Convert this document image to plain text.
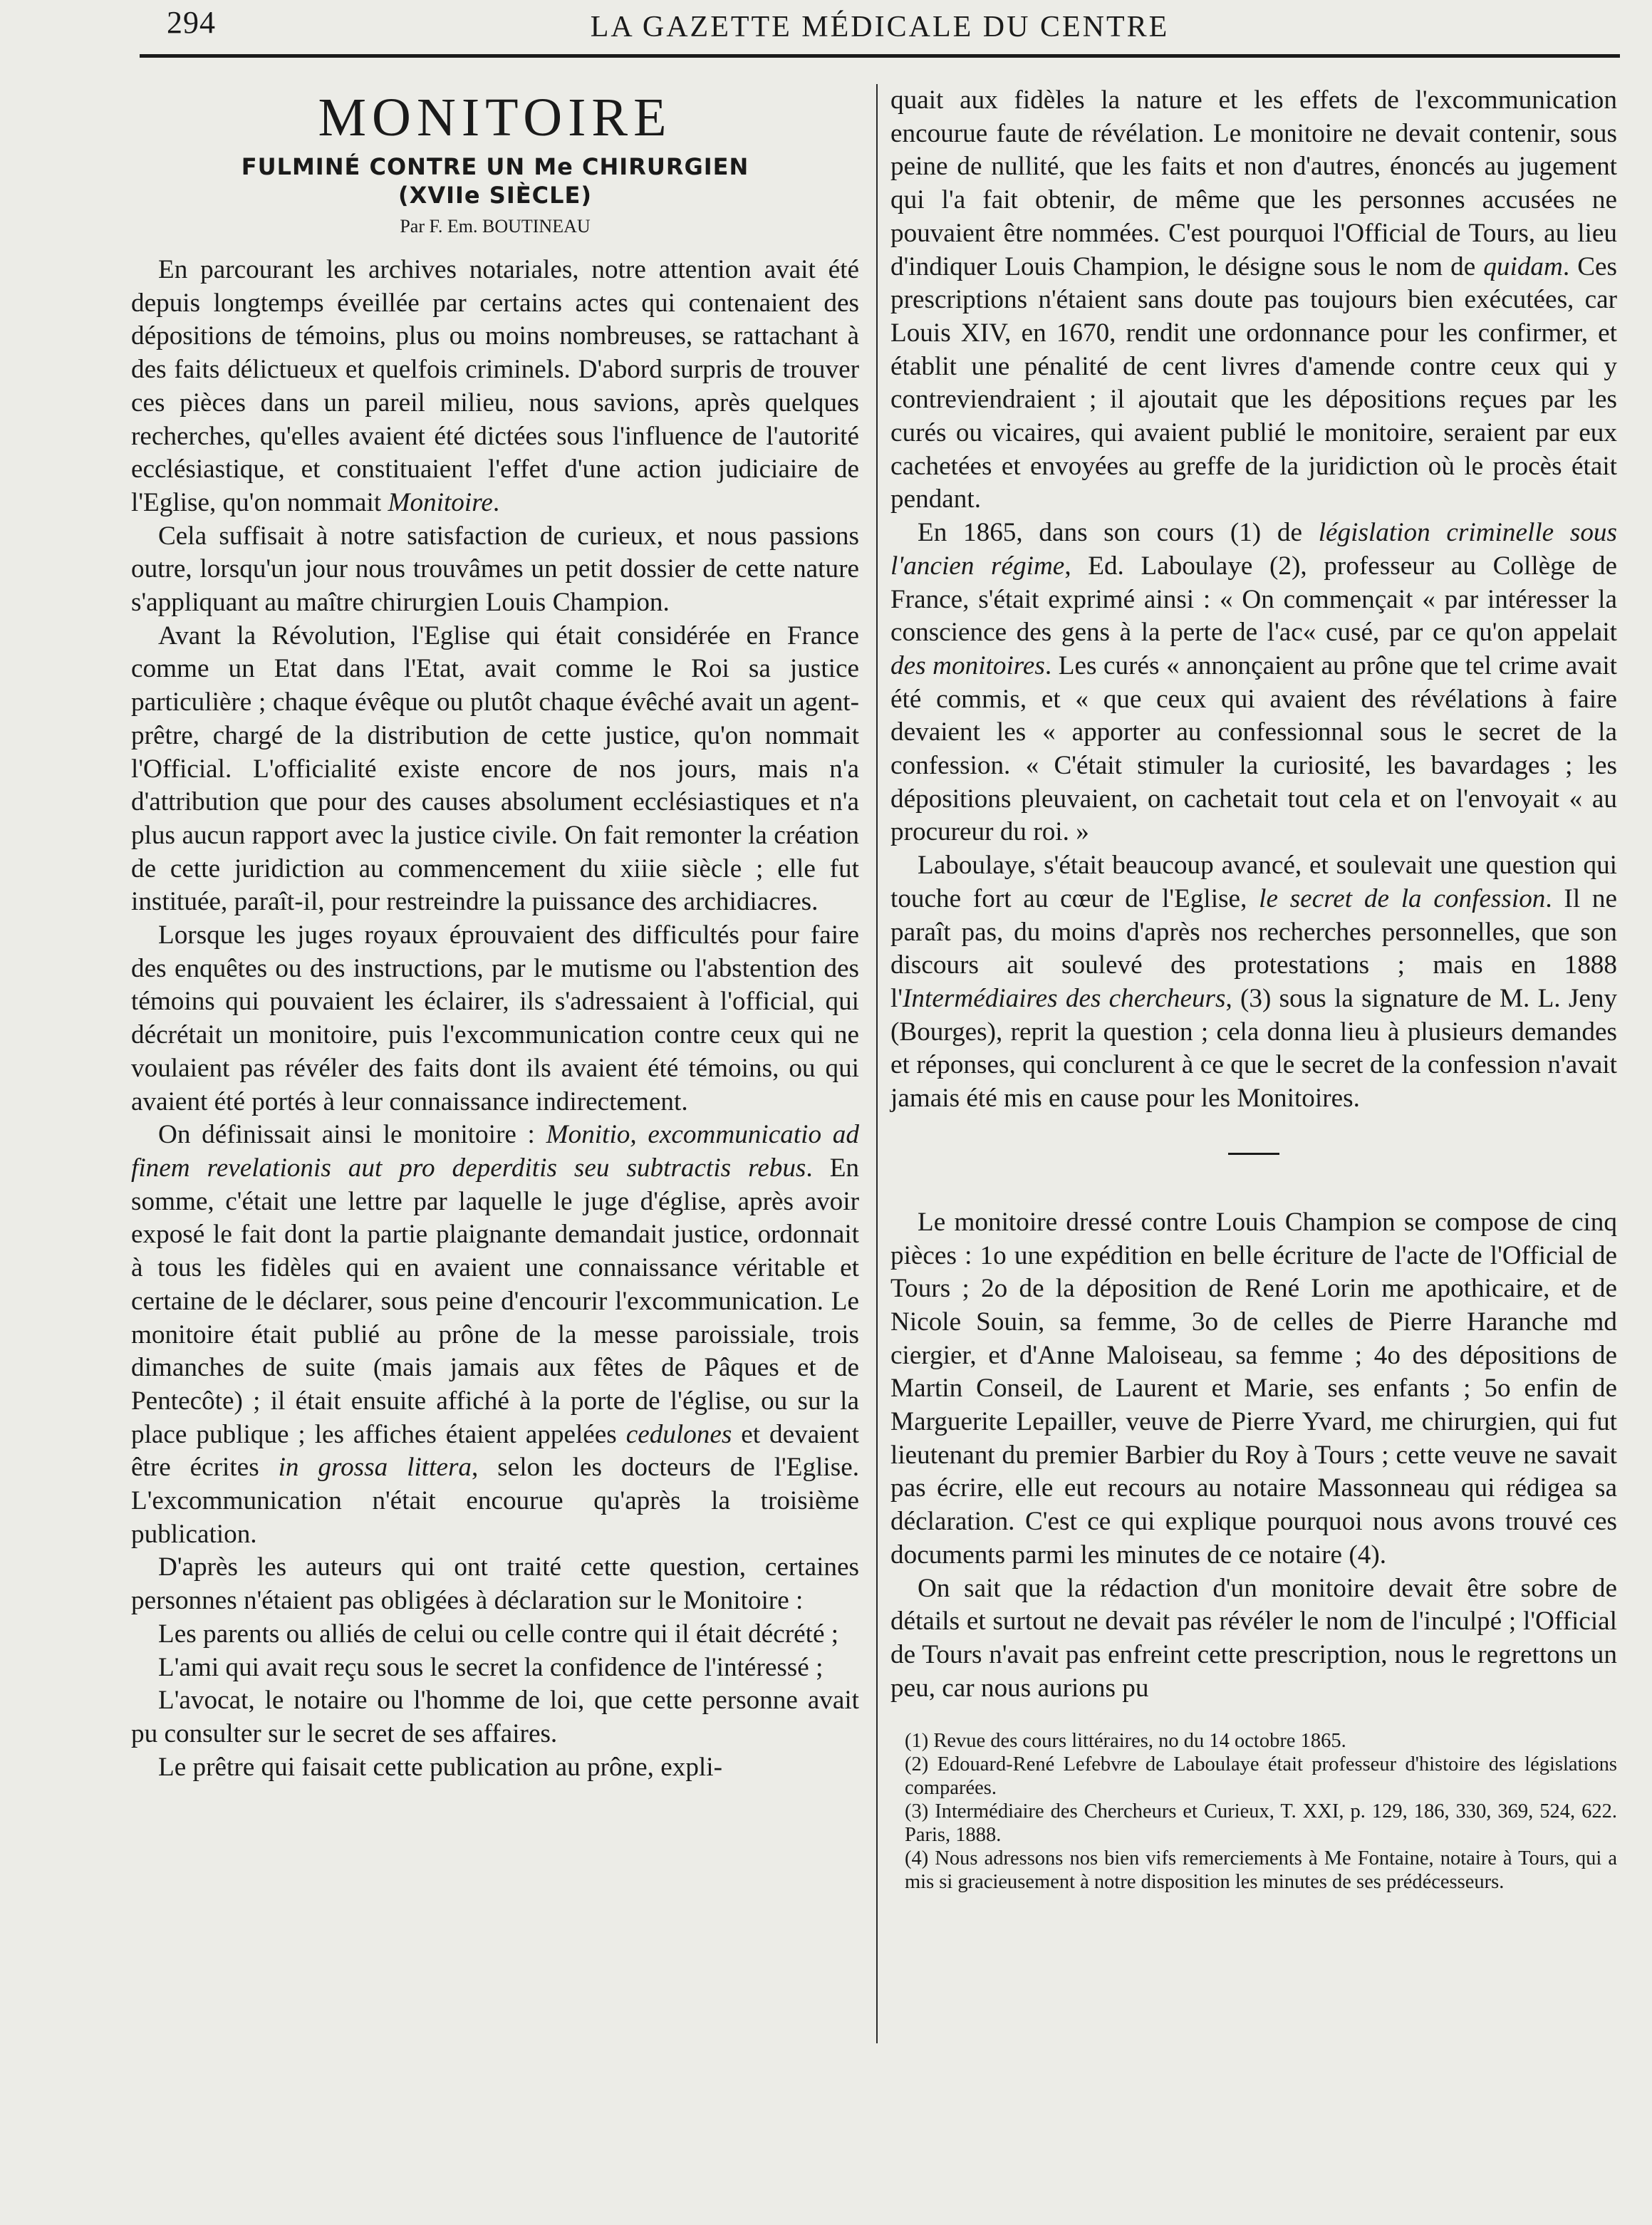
294	LA GAZETTE MÉDICALE DU CENTRE
MONITOIRE
FULMINÉ CONTRE UN Me CHIRURGIEN
(XVIIe SIÈCLE)
Par F. Em. BOUTINEAU

En parcourant les archives notariales, notre attention avait été depuis longtemps éveillée par certains actes qui contenaient des dépositions de témoins, plus ou moins nombreuses, se rattachant à des faits délictueux et quelfois criminels. D'abord surpris de trouver ces pièces dans un pareil milieu, nous savions, après quelques recherches, qu'elles avaient été dictées sous l'influence de l'autorité ecclésiastique, et constituaient l'effet d'une action judiciaire de l'Eglise, qu'on nommait Monitoire.

Cela suffisait à notre satisfaction de curieux, et nous passions outre, lorsqu'un jour nous trouvâmes un petit dossier de cette nature s'appliquant au maître chirurgien Louis Champion.

Avant la Révolution, l'Eglise qui était considérée en France comme un Etat dans l'Etat, avait comme le Roi sa justice particulière ; chaque évêque ou plutôt chaque évêché avait un agent-prêtre, chargé de la distribution de cette justice, qu'on nommait l'Official. L'officialité existe encore de nos jours, mais n'a d'attribution que pour des causes absolument ecclésiastiques et n'a plus aucun rapport avec la justice civile. On fait remonter la création de cette juridiction au commencement du xiiie siècle ; elle fut instituée, paraît-il, pour restreindre la puissance des archidiacres.

Lorsque les juges royaux éprouvaient des difficultés pour faire des enquêtes ou des instructions, par le mutisme ou l'abstention des témoins qui pouvaient les éclairer, ils s'adressaient à l'official, qui décrétait un monitoire, puis l'excommunication contre ceux qui ne voulaient pas révéler des faits dont ils avaient été témoins, ou qui avaient été portés à leur connaissance indirectement.

On définissait ainsi le monitoire : Monitio, excommunicatio ad finem revelationis aut pro deperditis seu subtractis rebus. En somme, c'était une lettre par laquelle le juge d'église, après avoir exposé le fait dont la partie plaignante demandait justice, ordonnait à tous les fidèles qui en avaient une connaissance véritable et certaine de le déclarer, sous peine d'encourir l'excommunication. Le monitoire était publié au prône de la messe paroissiale, trois dimanches de suite (mais jamais aux fêtes de Pâques et de Pentecôte) ; il était ensuite affiché à la porte de l'église, ou sur la place publique ; les affiches étaient appelées cedulones et devaient être écrites in grossa littera, selon les docteurs de l'Eglise. L'excommunication n'était encourue qu'après la troisième publication.

D'après les auteurs qui ont traité cette question, certaines personnes n'étaient pas obligées à déclaration sur le Monitoire :

Les parents ou alliés de celui ou celle contre qui il était décrété ;

L'ami qui avait reçu sous le secret la confidence de l'intéressé ;

L'avocat, le notaire ou l'homme de loi, que cette personne avait pu consulter sur le secret de ses affaires.

Le prêtre qui faisait cette publication au prône, expli-

quait aux fidèles la nature et les effets de l'excommunication encourue faute de révélation. Le monitoire ne devait contenir, sous peine de nullité, que les faits et non d'autres, énoncés au jugement qui l'a fait obtenir, de même que les personnes accusées ne pouvaient être nommées. C'est pourquoi l'Official de Tours, au lieu d'indiquer Louis Champion, le désigne sous le nom de quidam. Ces prescriptions n'étaient sans doute pas toujours bien exécutées, car Louis XIV, en 1670, rendit une ordonnance pour les confirmer, et établit une pénalité de cent livres d'amende contre ceux qui y contreviendraient ; il ajoutait que les dépositions reçues par les curés ou vicaires, qui avaient publié le monitoire, seraient par eux cachetées et envoyées au greffe de la juridiction où le procès était pendant.

En 1865, dans son cours (1) de législation criminelle sous l'ancien régime, Ed. Laboulaye (2), professeur au Collège de France, s'était exprimé ainsi : « On commençait « par intéresser la conscience des gens à la perte de l'ac« cusé, par ce qu'on appelait des monitoires. Les curés « annonçaient au prône que tel crime avait été commis, et « que ceux qui avaient des révélations à faire devaient les « apporter au confessionnal sous le secret de la confession. « C'était stimuler la curiosité, les bavardages ; les dépositions pleuvaient, on cachetait tout cela et on l'envoyait « au procureur du roi. »

Laboulaye, s'était beaucoup avancé, et soulevait une question qui touche fort au cœur de l'Eglise, le secret de la confession. Il ne paraît pas, du moins d'après nos recherches personnelles, que son discours ait soulevé des protestations ; mais en 1888 l'Intermédiaires des chercheurs, (3) sous la signature de M. L. Jeny (Bourges), reprit la question ; cela donna lieu à plusieurs demandes et réponses, qui conclurent à ce que le secret de la confession n'avait jamais été mis en cause pour les Monitoires.

Le monitoire dressé contre Louis Champion se compose de cinq pièces : 1o une expédition en belle écriture de l'acte de l'Official de Tours ; 2o de la déposition de René Lorin me apothicaire, et de Nicole Souin, sa femme, 3o de celles de Pierre Haranche md ciergier, et d'Anne Maloiseau, sa femme ; 4o des dépositions de Martin Conseil, de Laurent et Marie, ses enfants ; 5o enfin de Marguerite Lepailler, veuve de Pierre Yvard, me chirurgien, qui fut lieutenant du premier Barbier du Roy à Tours ; cette veuve ne savait pas écrire, elle eut recours au notaire Massonneau qui rédigea sa déclaration. C'est ce qui explique pourquoi nous avons trouvé ces documents parmi les minutes de ce notaire (4).

On sait que la rédaction d'un monitoire devait être sobre de détails et surtout ne devait pas révéler le nom de l'inculpé ; l'Official de Tours n'avait pas enfreint cette prescription, nous le regrettons un peu, car nous aurions pu

(1) Revue des cours littéraires, no du 14 octobre 1865.
(2) Edouard-René Lefebvre de Laboulaye était professeur d'histoire des législations comparées.
(3) Intermédiaire des Chercheurs et Curieux, T. XXI, p. 129, 186, 330, 369, 524, 622. Paris, 1888.
(4) Nous adressons nos bien vifs remerciements à Me Fontaine, notaire à Tours, qui a mis si gracieusement à notre disposition les minutes de ses prédécesseurs.
